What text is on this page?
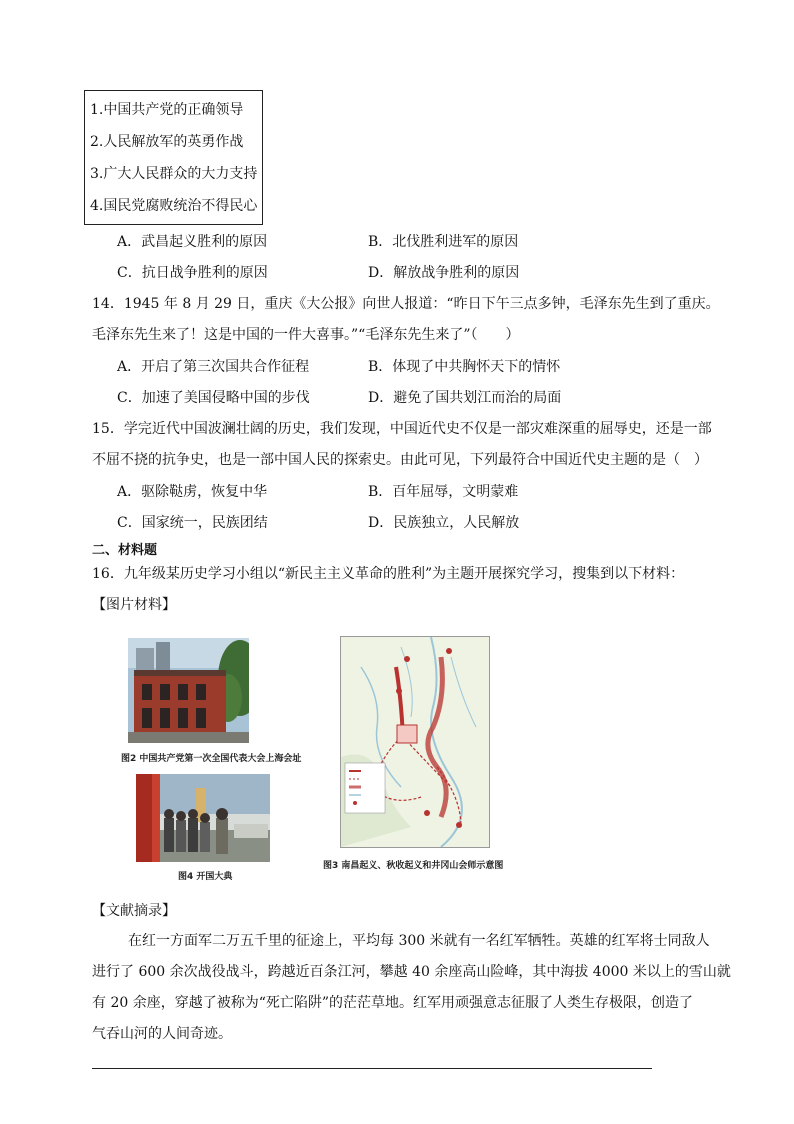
1.中国共产党的正确领导
2.人民解放军的英勇作战
3.广大人民群众的大力支持
4.国民党腐败统治不得民心
A．武昌起义胜利的原因	B．北伐胜利进军的原因
C．抗日战争胜利的原因	D．解放战争胜利的原因
14．1945 年 8 月 29 日，重庆《大公报》向世人报道：“昨日下午三点多钟，毛泽东先生到了重庆。
毛泽东先生来了！这是中国的一件大喜事。”“毛泽东先生来了”（　　）
A．开启了第三次国共合作征程	B．体现了中共胸怀天下的情怀
C．加速了美国侵略中国的步伐	D．避免了国共划江而治的局面
15．学完近代中国波澜壮阔的历史，我们发现，中国近代史不仅是一部灾难深重的屈辱史，还是一部
不屈不挠的抗争史，也是一部中国人民的探索史。由此可见，下列最符合中国近代史主题的是（　）
A．驱除鞑虏，恢复中华	B．百年屈辱，文明蒙难
C．国家统一，民族团结	D．民族独立，人民解放
二、材料题
16．九年级某历史学习小组以“新民主主义革命的胜利”为主题开展探究学习，搜集到以下材料：
【图片材料】
图2 中国共产党第一次全国代表大会上海会址
图4 开国大典
图3 南昌起义、秋收起义和井冈山会师示意图
【文献摘录】
在红一方面军二万五千里的征途上，平均每 300 米就有一名红军牺牲。英雄的红军将士同敌人
进行了 600 余次战役战斗，跨越近百条江河，攀越 40 余座高山险峰，其中海拔 4000 米以上的雪山就
有 20 余座，穿越了被称为“死亡陷阱”的茫茫草地。红军用顽强意志征服了人类生存极限，创造了
气吞山河的人间奇迹。
